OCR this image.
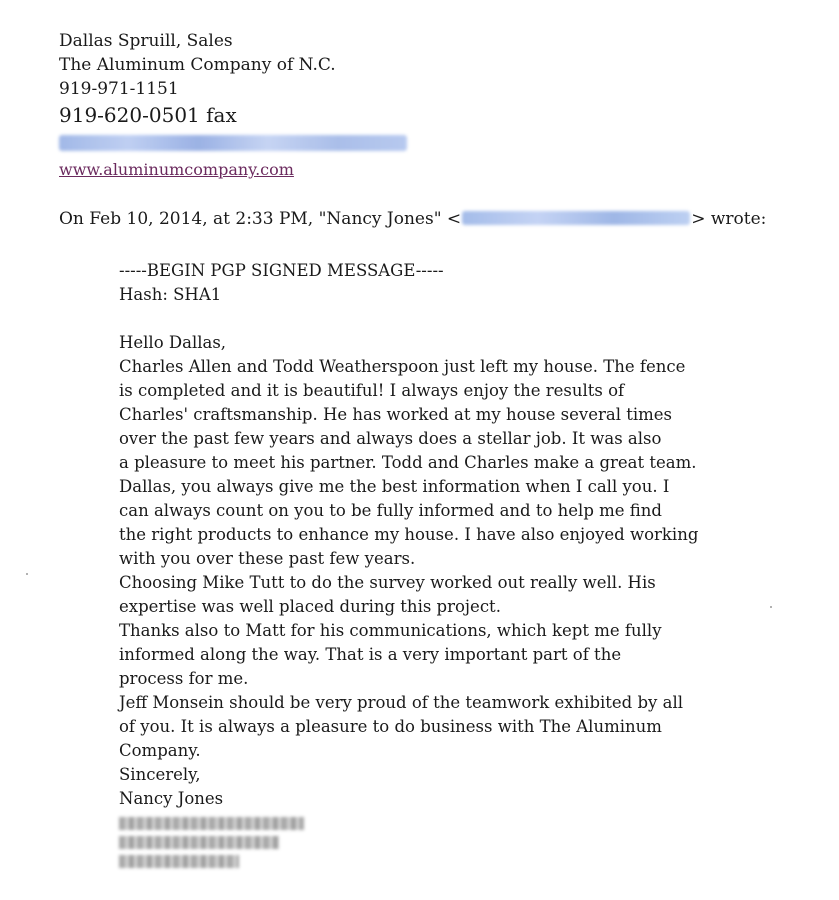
Dallas Spruill, Sales
The Aluminum Company of N.C.
919-971-1151
919-620-0501 fax
www.aluminumcompany.com
On Feb 10, 2014, at 2:33 PM, "Nancy Jones" <	> wrote:
-----BEGIN PGP SIGNED MESSAGE-----
Hash: SHA1
Hello Dallas,
Charles Allen and Todd Weatherspoon just left my house. The fence
is completed and it is beautiful! I always enjoy the results of
Charles' craftsmanship. He has worked at my house several times
over the past few years and always does a stellar job. It was also
a pleasure to meet his partner. Todd and Charles make a great team.
Dallas, you always give me the best information when I call you. I
can always count on you to be fully informed and to help me find
the right products to enhance my house. I have also enjoyed working
with you over these past few years.
Choosing Mike Tutt to do the survey worked out really well. His
expertise was well placed during this project.
Thanks also to Matt for his communications, which kept me fully
informed along the way. That is a very important part of the
process for me.
Jeff Monsein should be very proud of the teamwork exhibited by all
of you. It is always a pleasure to do business with The Aluminum
Company.
Sincerely,
Nancy Jones
